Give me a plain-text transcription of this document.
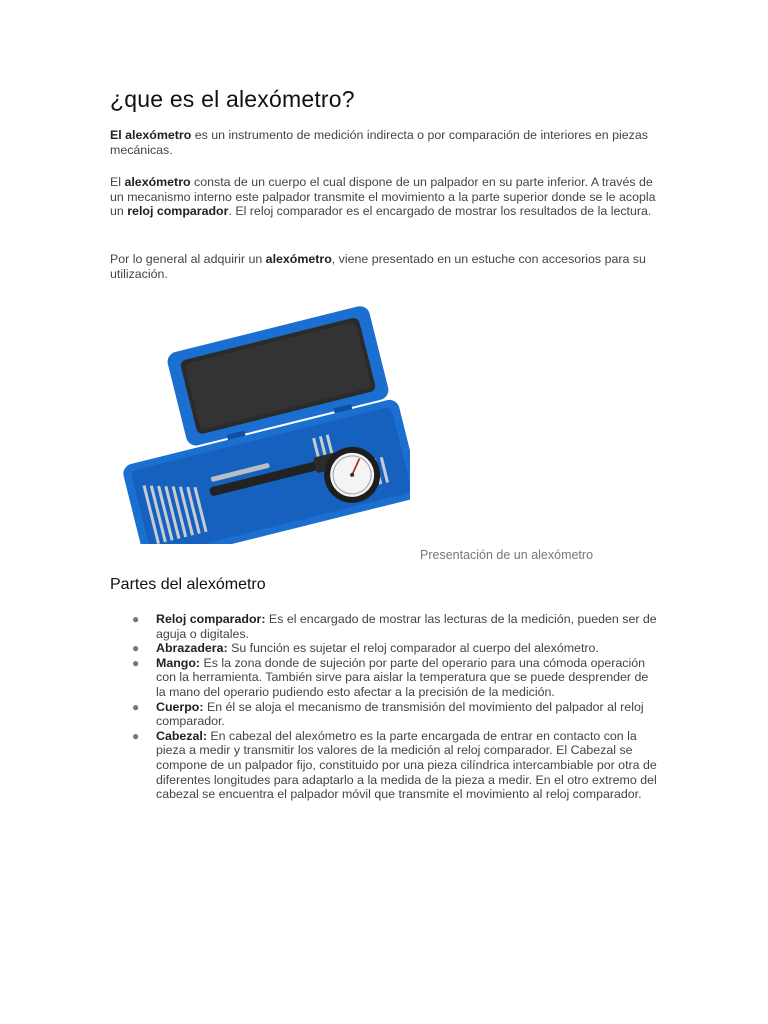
¿que es el alexómetro?

El alexómetro es un instrumento de medición indirecta o por comparación de interiores en piezas mecánicas.

El alexómetro consta de un cuerpo el cual dispone de un palpador en su parte inferior. A través de un mecanismo interno este palpador transmite el movimiento a la parte superior donde se le acopla un reloj comparador. El reloj comparador es el encargado de mostrar los resultados de la lectura.

Por lo general al adquirir un alexómetro, viene presentado en un estuche con accesorios para su utilización.

Presentación de un alexómetro

Partes del alexómetro
● Reloj comparador: Es el encargado de mostrar las lecturas de la medición, pueden ser de aguja o digitales.
● Abrazadera: Su función es sujetar el reloj comparador al cuerpo del alexómetro.
● Mango: Es la zona donde de sujeción por parte del operario para una cómoda operación con la herramienta. También sirve para aislar la temperatura que se puede desprender de la mano del operario pudiendo esto afectar a la precisión de la medición.
● Cuerpo: En él se aloja el mecanismo de transmisión del movimiento del palpador al reloj comparador.
● Cabezal: En cabezal del alexómetro es la parte encargada de entrar en contacto con la pieza a medir y transmitir los valores de la medición al reloj comparador. El Cabezal se compone de un palpador fijo, constituido por una pieza cilíndrica intercambiable por otra de diferentes longitudes para adaptarlo a la medida de la pieza a medir. En el otro extremo del cabezal se encuentra el palpador móvil que transmite el movimiento al reloj comparador.
